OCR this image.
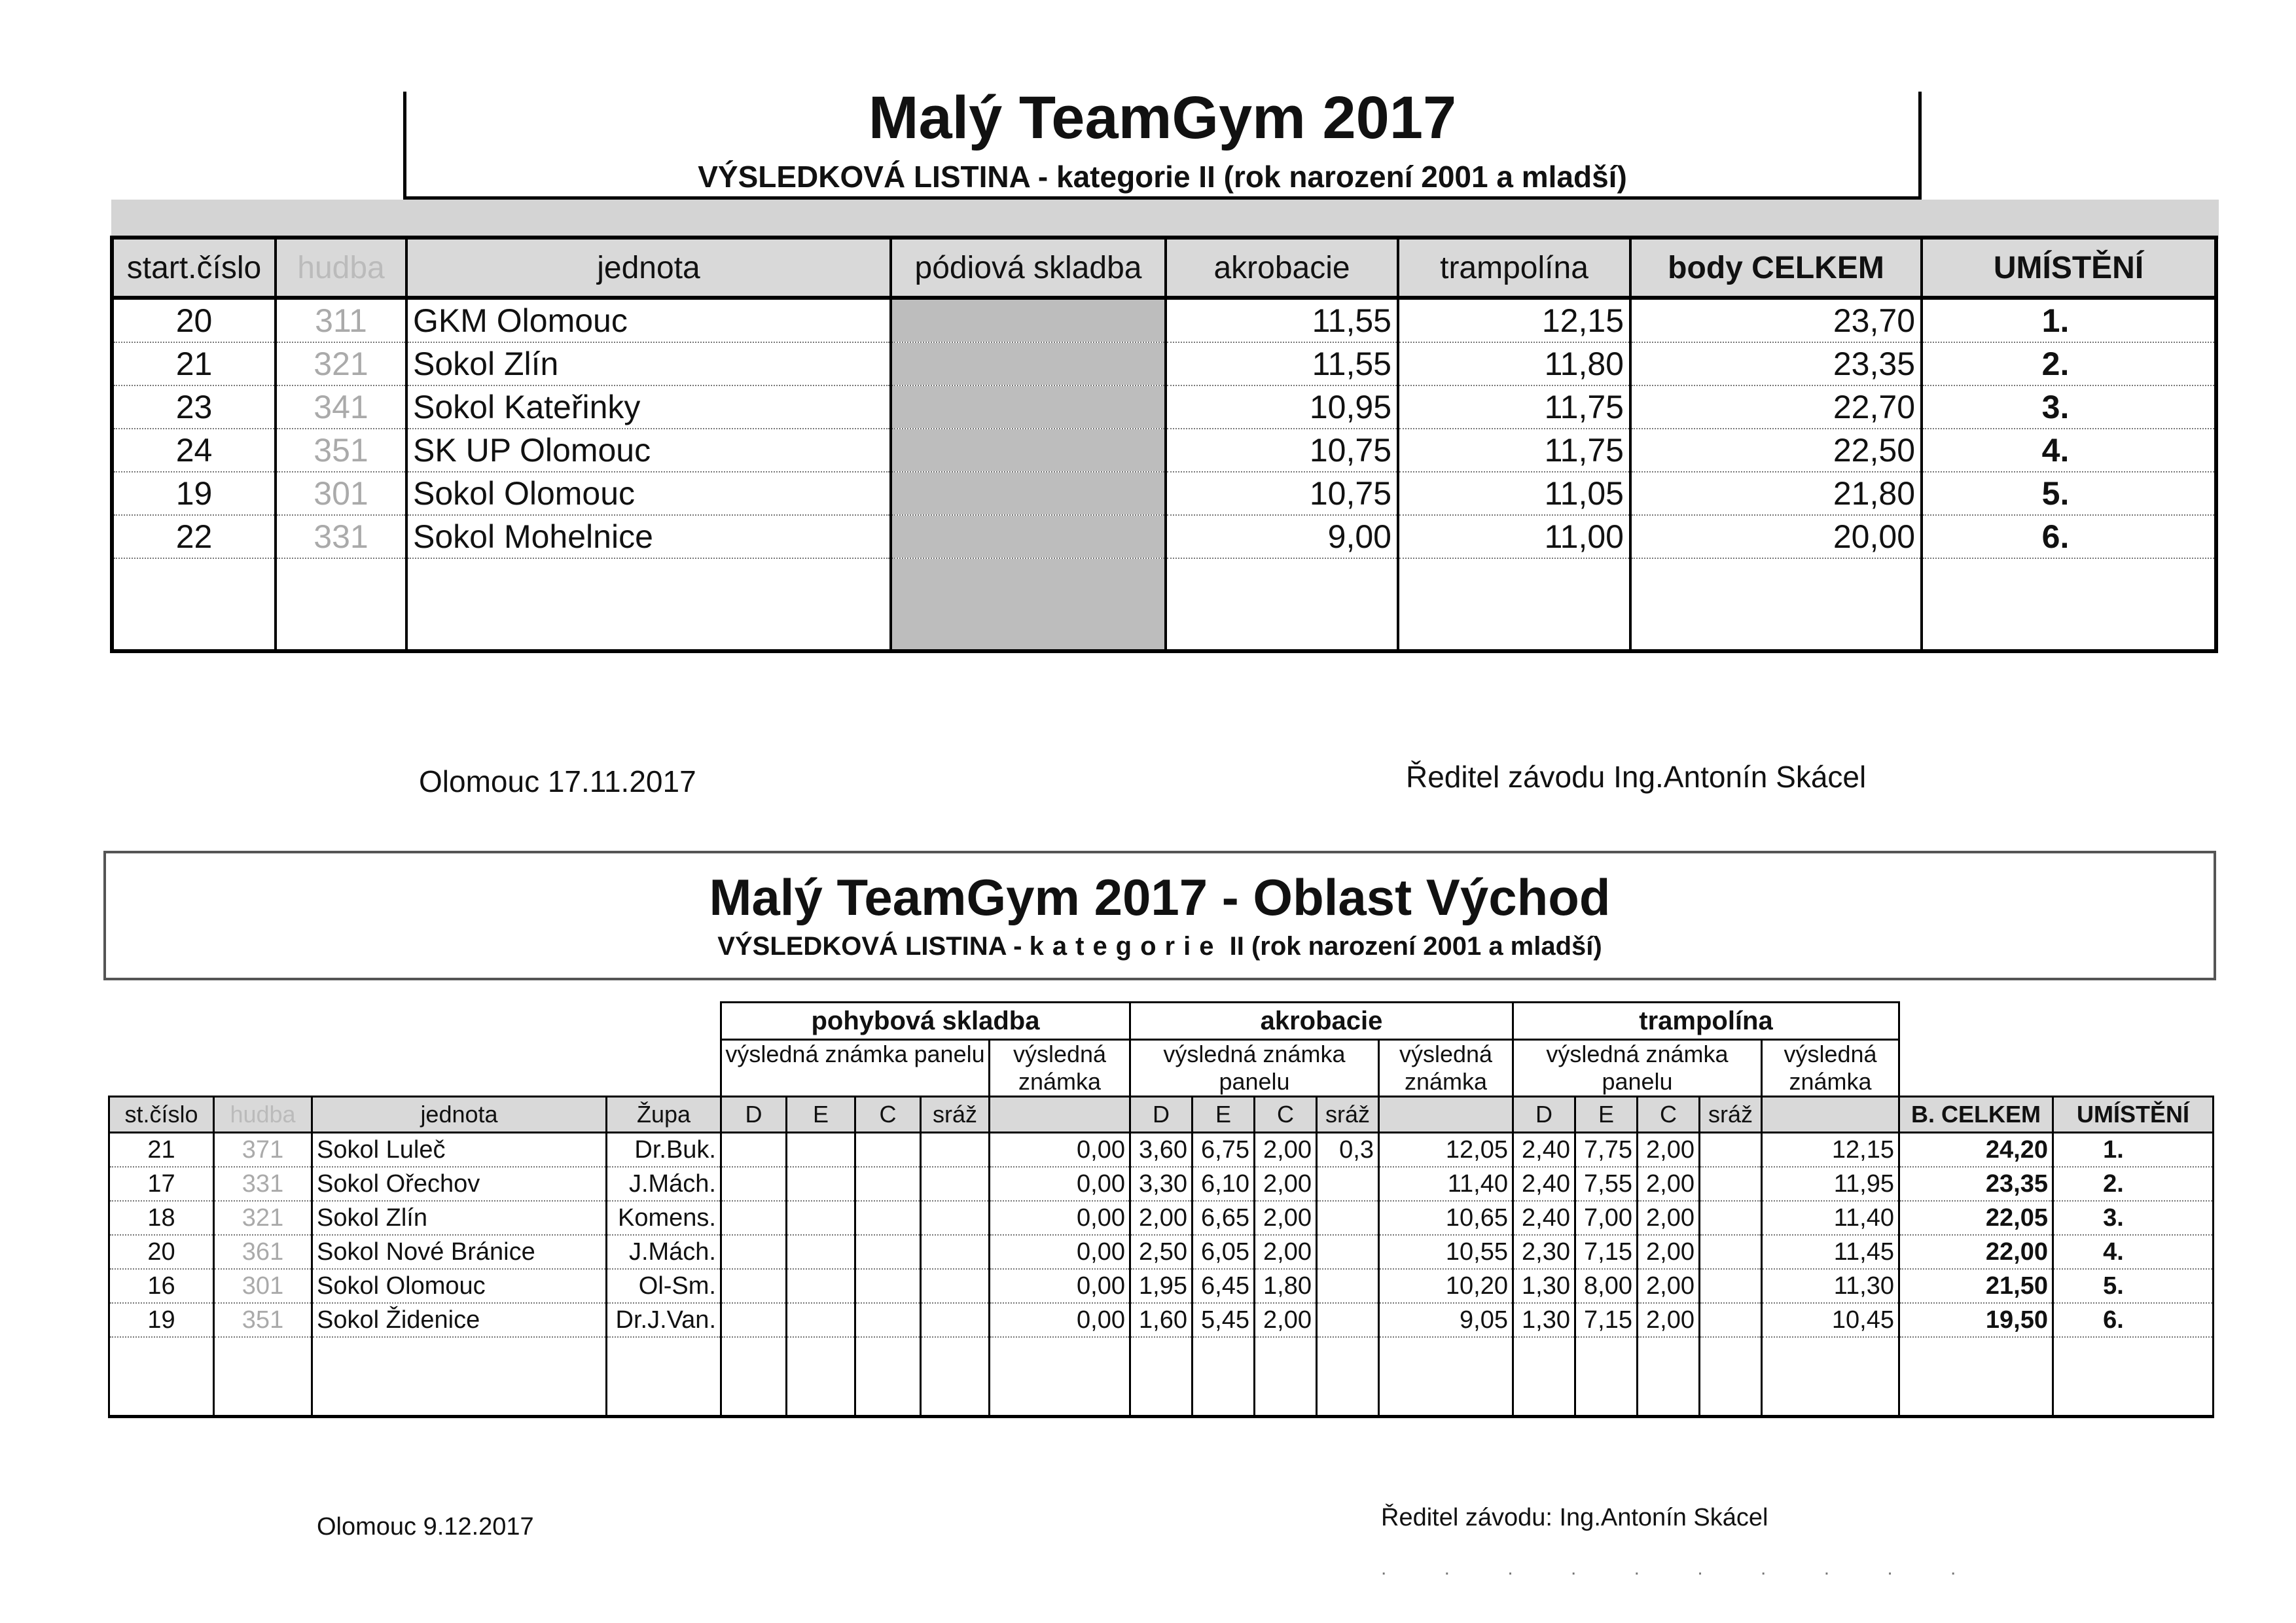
Malý TeamGym 2017
VÝSLEDKOVÁ LISTINA - kategorie II (rok narození 2001 a mladší)
start.číslo	hudba	jednota	pódiová skladba	akrobacie	trampolína	body CELKEM	UMÍSTĚNÍ
20	311	GKM Olomouc		11,55	12,15	23,70	1.
21	321	Sokol Zlín		11,55	11,80	23,35	2.
23	341	Sokol Kateřinky		10,95	11,75	22,70	3.
24	351	SK UP Olomouc		10,75	11,75	22,50	4.
19	301	Sokol Olomouc		10,75	11,05	21,80	5.
22	331	Sokol Mohelnice		9,00	11,00	20,00	6.

Olomouc 17.11.2017	Ředitel závodu Ing.Antonín Skácel
Malý TeamGym 2017 - Oblast Východ
VÝSLEDKOVÁ LISTINA - kategorie II (rok narození 2001 a mladší)
				pohybová skladba					akrobacie					trampolína						
				výsledná známka panelu				výsledná známka	výsledná známka panelu				výsledná známka	výsledná známka panelu				výsledná známka		
st.číslo	hudba	jednota	Župa	D	E	C	sráž		D	E	C	sráž		D	E	C	sráž		B. CELKEM	UMÍSTĚNÍ
21	371	Sokol Luleč	Dr.Buk.					0,00	3,60	6,75	2,00	0,3	12,05	2,40	7,75	2,00		12,15	24,20	1.
17	331	Sokol Ořechov	J.Mách.					0,00	3,30	6,10	2,00		11,40	2,40	7,55	2,00		11,95	23,35	2.
18	321	Sokol Zlín	Komens.					0,00	2,00	6,65	2,00		10,65	2,40	7,00	2,00		11,40	22,05	3.
20	361	Sokol Nové Bránice	J.Mách.					0,00	2,50	6,05	2,00		10,55	2,30	7,15	2,00		11,45	22,00	4.
16	301	Sokol Olomouc	Ol-Sm.					0,00	1,95	6,45	1,80		10,20	1,30	8,00	2,00		11,30	21,50	5.
19	351	Sokol Židenice	Dr.J.Van.					0,00	1,60	5,45	2,00		9,05	1,30	7,15	2,00		10,45	19,50	6.

Olomouc 9.12.2017	Ředitel závodu: Ing.Antonín Skácel
. . . . . . . . . .
